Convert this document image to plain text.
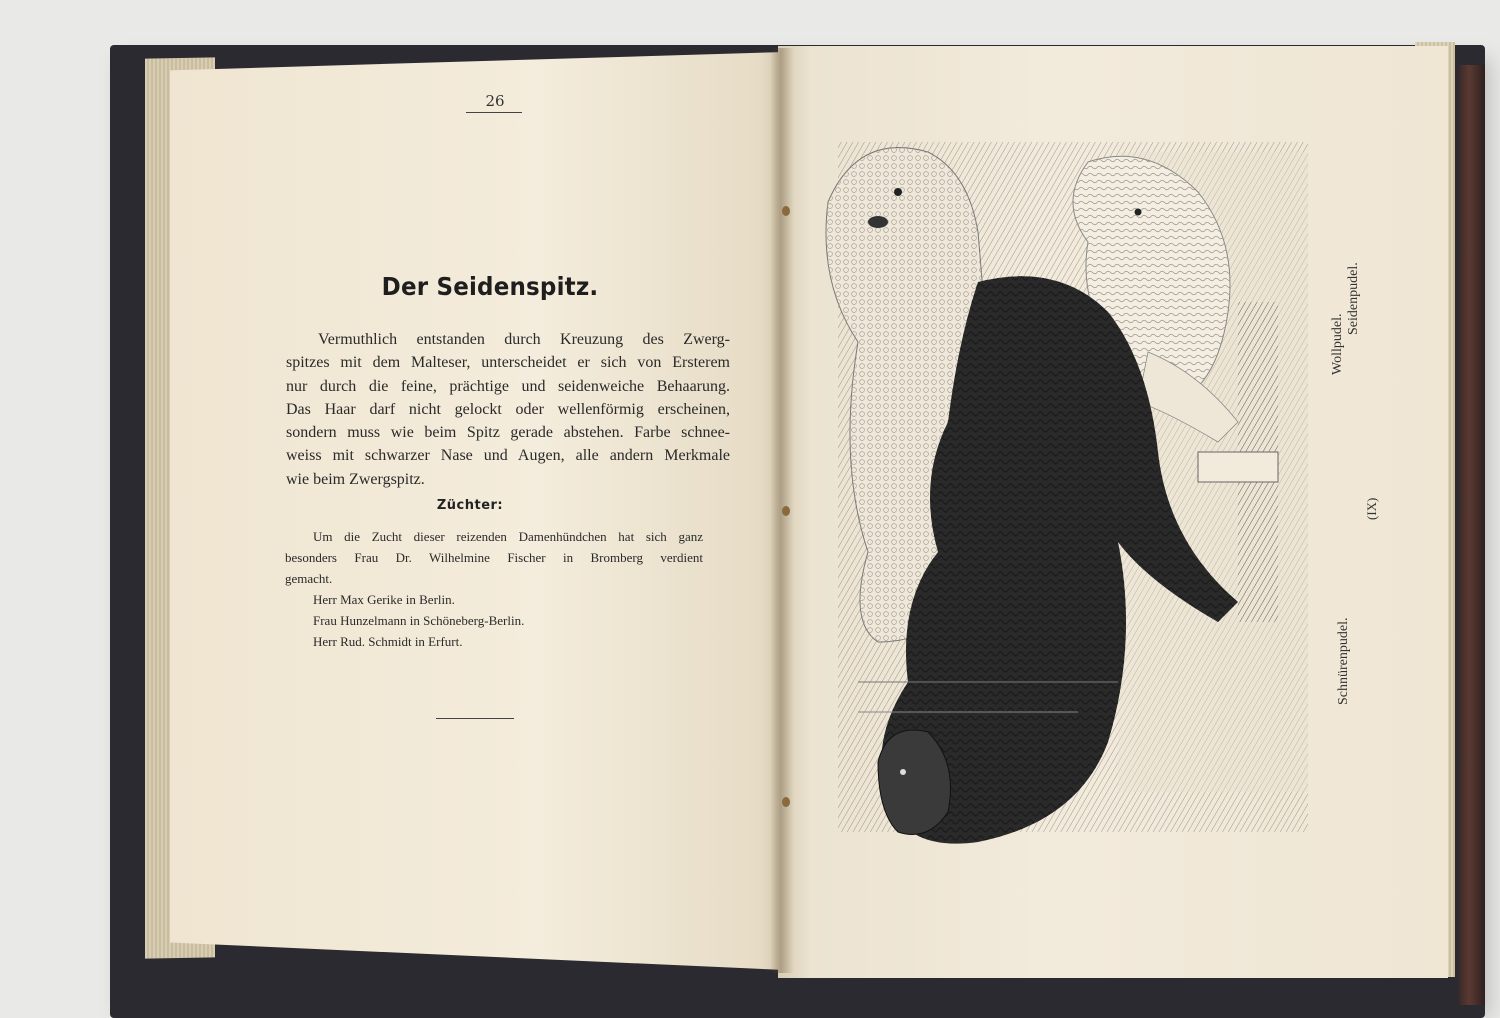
26
Der Seidenspitz.
Vermuthlich entstanden durch Kreuzung des Zwerg-
spitzes mit dem Malteser, unterscheidet er sich von Ersterem
nur durch die feine, prächtige und seidenweiche Behaarung.
Das Haar darf nicht gelockt oder wellenförmig erscheinen,
sondern muss wie beim Spitz gerade abstehen. Farbe schnee-
weiss mit schwarzer Nase und Augen, alle andern Merkmale
wie beim Zwergspitz.
Züchter:
Um die Zucht dieser reizenden Damenhündchen hat sich ganz
besonders Frau Dr. Wilhelmine Fischer in Bromberg verdient
gemacht.
Herr Max Gerike in Berlin.
Frau Hunzelmann in Schöneberg-Berlin.
Herr Rud. Schmidt in Erfurt.
Wollpudel.
Seidenpudel.
Schnürenpudel.
(IX)
